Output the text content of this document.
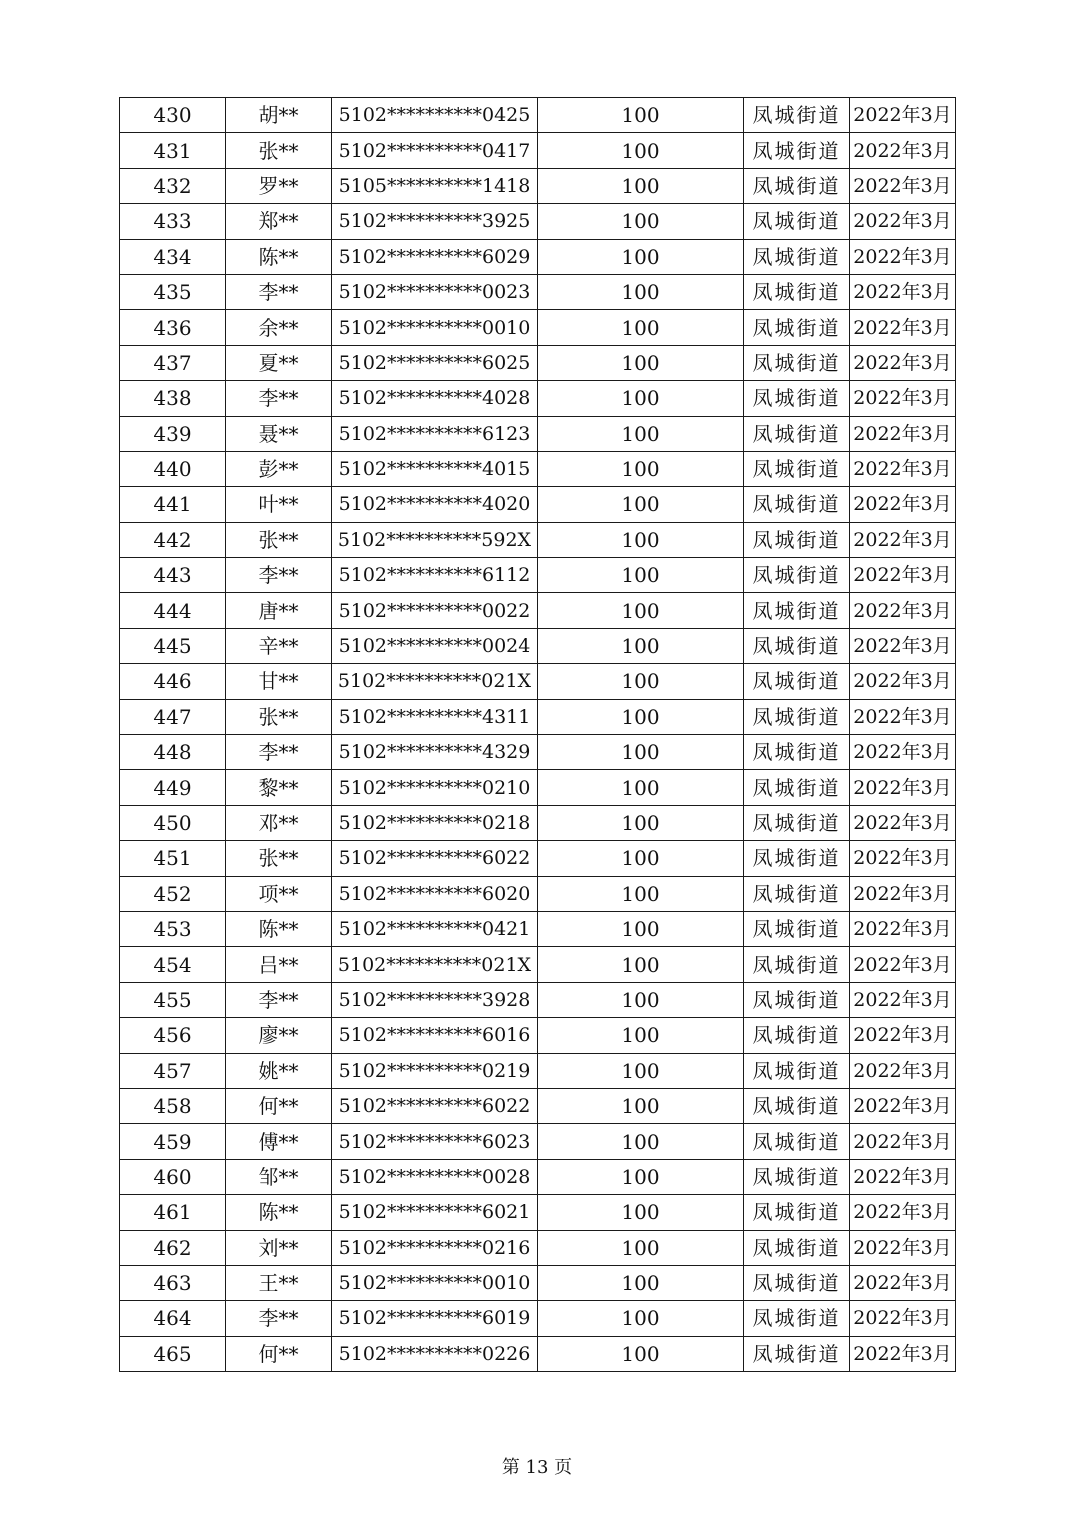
430	胡**	5102**********0425	100	凤城街道	2022年3月
431	张**	5102**********0417	100	凤城街道	2022年3月
432	罗**	5105**********1418	100	凤城街道	2022年3月
433	郑**	5102**********3925	100	凤城街道	2022年3月
434	陈**	5102**********6029	100	凤城街道	2022年3月
435	李**	5102**********0023	100	凤城街道	2022年3月
436	余**	5102**********0010	100	凤城街道	2022年3月
437	夏**	5102**********6025	100	凤城街道	2022年3月
438	李**	5102**********4028	100	凤城街道	2022年3月
439	聂**	5102**********6123	100	凤城街道	2022年3月
440	彭**	5102**********4015	100	凤城街道	2022年3月
441	叶**	5102**********4020	100	凤城街道	2022年3月
442	张**	5102**********592X	100	凤城街道	2022年3月
443	李**	5102**********6112	100	凤城街道	2022年3月
444	唐**	5102**********0022	100	凤城街道	2022年3月
445	辛**	5102**********0024	100	凤城街道	2022年3月
446	甘**	5102**********021X	100	凤城街道	2022年3月
447	张**	5102**********4311	100	凤城街道	2022年3月
448	李**	5102**********4329	100	凤城街道	2022年3月
449	黎**	5102**********0210	100	凤城街道	2022年3月
450	邓**	5102**********0218	100	凤城街道	2022年3月
451	张**	5102**********6022	100	凤城街道	2022年3月
452	项**	5102**********6020	100	凤城街道	2022年3月
453	陈**	5102**********0421	100	凤城街道	2022年3月
454	吕**	5102**********021X	100	凤城街道	2022年3月
455	李**	5102**********3928	100	凤城街道	2022年3月
456	廖**	5102**********6016	100	凤城街道	2022年3月
457	姚**	5102**********0219	100	凤城街道	2022年3月
458	何**	5102**********6022	100	凤城街道	2022年3月
459	傅**	5102**********6023	100	凤城街道	2022年3月
460	邹**	5102**********0028	100	凤城街道	2022年3月
461	陈**	5102**********6021	100	凤城街道	2022年3月
462	刘**	5102**********0216	100	凤城街道	2022年3月
463	王**	5102**********0010	100	凤城街道	2022年3月
464	李**	5102**********6019	100	凤城街道	2022年3月
465	何**	5102**********0226	100	凤城街道	2022年3月
第 13 页
